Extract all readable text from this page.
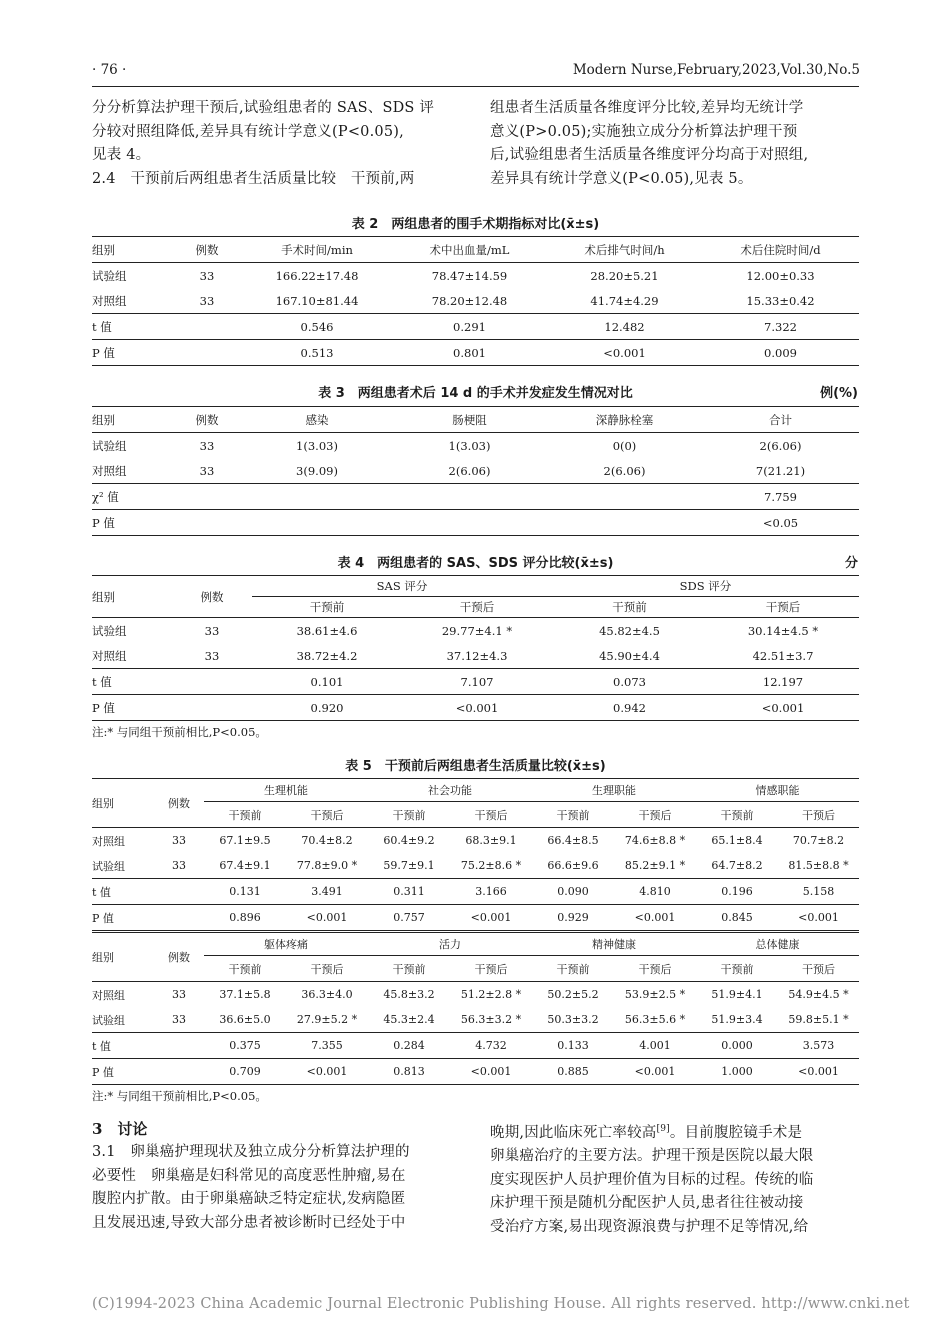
· 76 ·	Modern Nurse,February,2023,Vol.30,No.5

分分析算法护理干预后,试验组患者的 SAS、SDS 评

分较对照组降低,差异具有统计学意义(P<0.05),

见表 4。

2.4　干预前后两组患者生活质量比较　干预前,两

组患者生活质量各维度评分比较,差异均无统计学

意义(P>0.05);实施独立成分分析算法护理干预

后,试验组患者生活质量各维度评分均高于对照组,

差异具有统计学意义(P<0.05),见表 5。

表 2　两组患者的围手术期指标对比(x̄±s)
组别	例数	手术时间/min	术中出血量/mL	术后排气时间/h	术后住院时间/d
试验组	33	166.22±17.48	78.47±14.59	28.20±5.21	12.00±0.33
对照组	33	167.10±81.44	78.20±12.48	41.74±4.29	15.33±0.42
t 值		0.546	0.291	12.482	7.322
P 值		0.513	0.801	<0.001	0.009
表 3　两组患者术后 14 d 的手术并发症发生情况对比	例(%)
组别	例数	感染	肠梗阻	深静脉栓塞	合计
试验组	33	1(3.03)	1(3.03)	0(0)	2(6.06)
对照组	33	3(9.09)	2(6.06)	2(6.06)	7(21.21)
χ² 值					7.759
P 值					<0.05
表 4　两组患者的 SAS、SDS 评分比较(x̄±s)	分
组别	例数	SAS 评分		SDS 评分	
		干预前	干预后	干预前	干预后
试验组	33	38.61±4.6	29.77±4.1 *	45.82±4.5	30.14±4.5 *
对照组	33	38.72±4.2	37.12±4.3	45.90±4.4	42.51±3.7
t 值		0.101	7.107	0.073	12.197
P 值		0.920	<0.001	0.942	<0.001
注:* 与同组干预前相比,P<0.05。
表 5　干预前后两组患者生活质量比较(x̄±s)
组别	例数	生理机能		社会功能		生理职能		情感职能	
		干预前	干预后	干预前	干预后	干预前	干预后	干预前	干预后
对照组	33	67.1±9.5	70.4±8.2	60.4±9.2	68.3±9.1	66.4±8.5	74.6±8.8 *	65.1±8.4	70.7±8.2
试验组	33	67.4±9.1	77.8±9.0 *	59.7±9.1	75.2±8.6 *	66.6±9.6	85.2±9.1 *	64.7±8.2	81.5±8.8 *
t 值		0.131	3.491	0.311	3.166	0.090	4.810	0.196	5.158
P 值		0.896	<0.001	0.757	<0.001	0.929	<0.001	0.845	<0.001
组别	例数	躯体疼痛		活力		精神健康		总体健康	
		干预前	干预后	干预前	干预后	干预前	干预后	干预前	干预后
对照组	33	37.1±5.8	36.3±4.0	45.8±3.2	51.2±2.8 *	50.2±5.2	53.9±2.5 *	51.9±4.1	54.9±4.5 *
试验组	33	36.6±5.0	27.9±5.2 *	45.3±2.4	56.3±3.2 *	50.3±3.2	56.3±5.6 *	51.9±3.4	59.8±5.1 *
t 值		0.375	7.355	0.284	4.732	0.133	4.001	0.000	3.573
P 值		0.709	<0.001	0.813	<0.001	0.885	<0.001	1.000	<0.001
注:* 与同组干预前相比,P<0.05。
3　讨论

3.1　卵巢癌护理现状及独立成分分析算法护理的

必要性　 卵巢癌是妇科常见的高度恶性肿瘤,易在

腹腔内扩散。由于卵巢癌缺乏特定症状,发病隐匿

且发展迅速,导致大部分患者被诊断时已经处于中

晚期,因此临床死亡率较高[9]。目前腹腔镜手术是

卵巢癌治疗的主要方法。护理干预是医院以最大限

度实现医护人员护理价值为目标的过程。传统的临

床护理干预是随机分配医护人员,患者往往被动接

受治疗方案,易出现资源浪费与护理不足等情况,给

(C)1994-2023 China Academic Journal Electronic Publishing House. All rights reserved. http://www.cnki.net
